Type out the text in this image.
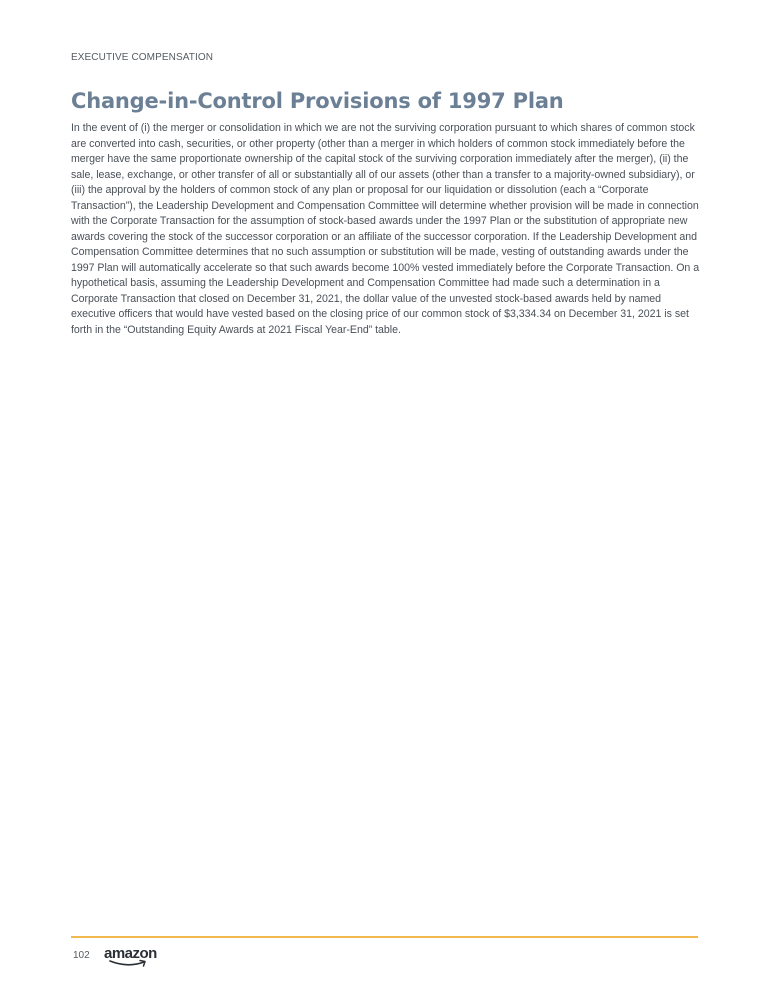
EXECUTIVE COMPENSATION
Change-in-Control Provisions of 1997 Plan

In the event of (i) the merger or consolidation in which we are not the surviving corporation pursuant to which shares of common stock are converted into cash, securities, or other property (other than a merger in which holders of common stock immediately before the merger have the same proportionate ownership of the capital stock of the surviving corporation immediately after the merger), (ii) the sale, lease, exchange, or other transfer of all or substantially all of our assets (other than a transfer to a majority-owned subsidiary), or (iii) the approval by the holders of common stock of any plan or proposal for our liquidation or dissolution (each a “Corporate Transaction”), the Leadership Development and Compensation Committee will determine whether provision will be made in connection with the Corporate Transaction for the assumption of stock-based awards under the 1997 Plan or the substitution of appropriate new awards covering the stock of the successor corporation or an affiliate of the successor corporation. If the Leadership Development and Compensation Committee determines that no such assumption or substitution will be made, vesting of outstanding awards under the 1997 Plan will automatically accelerate so that such awards become 100% vested immediately before the Corporate Transaction. On a hypothetical basis, assuming the Leadership Development and Compensation Committee had made such a determination in a Corporate Transaction that closed on December 31, 2021, the dollar value of the unvested stock-based awards held by named executive officers that would have vested based on the closing price of our common stock of $3,334.34 on December 31, 2021 is set forth in the “Outstanding Equity Awards at 2021 Fiscal Year-End” table.

102 amazon
